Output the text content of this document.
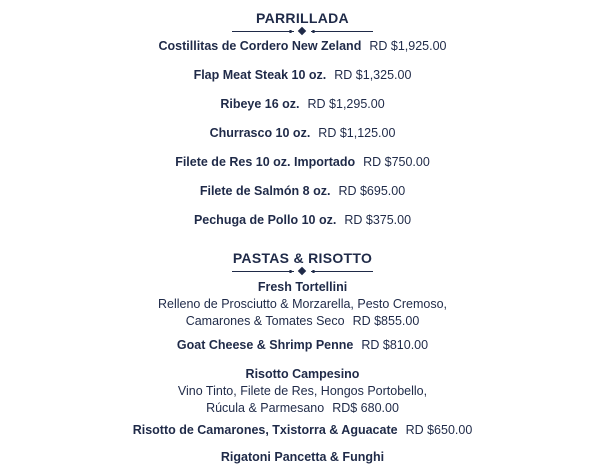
PARRILLADA
Costillitas de Cordero New Zeland RD $1,925.00
Flap Meat Steak 10 oz. RD $1,325.00
Ribeye 16 oz. RD $1,295.00
Churrasco 10 oz. RD $1,125.00
Filete de Res 10 oz. Importado RD $750.00
Filete de Salmón 8 oz. RD $695.00
Pechuga de Pollo 10 oz. RD $375.00
PASTAS & RISOTTO
Fresh Tortellini
Relleno de Prosciutto & Morzarella, Pesto Cremoso,
Camarones & Tomates Seco RD $855.00
Goat Cheese & Shrimp Penne RD $810.00
Risotto Campesino
Vino Tinto, Filete de Res, Hongos Portobello,
Rúcula & Parmesano RD$ 680.00
Risotto de Camarones, Txistorra & Aguacate RD $650.00
Rigatoni Pancetta & Funghi
